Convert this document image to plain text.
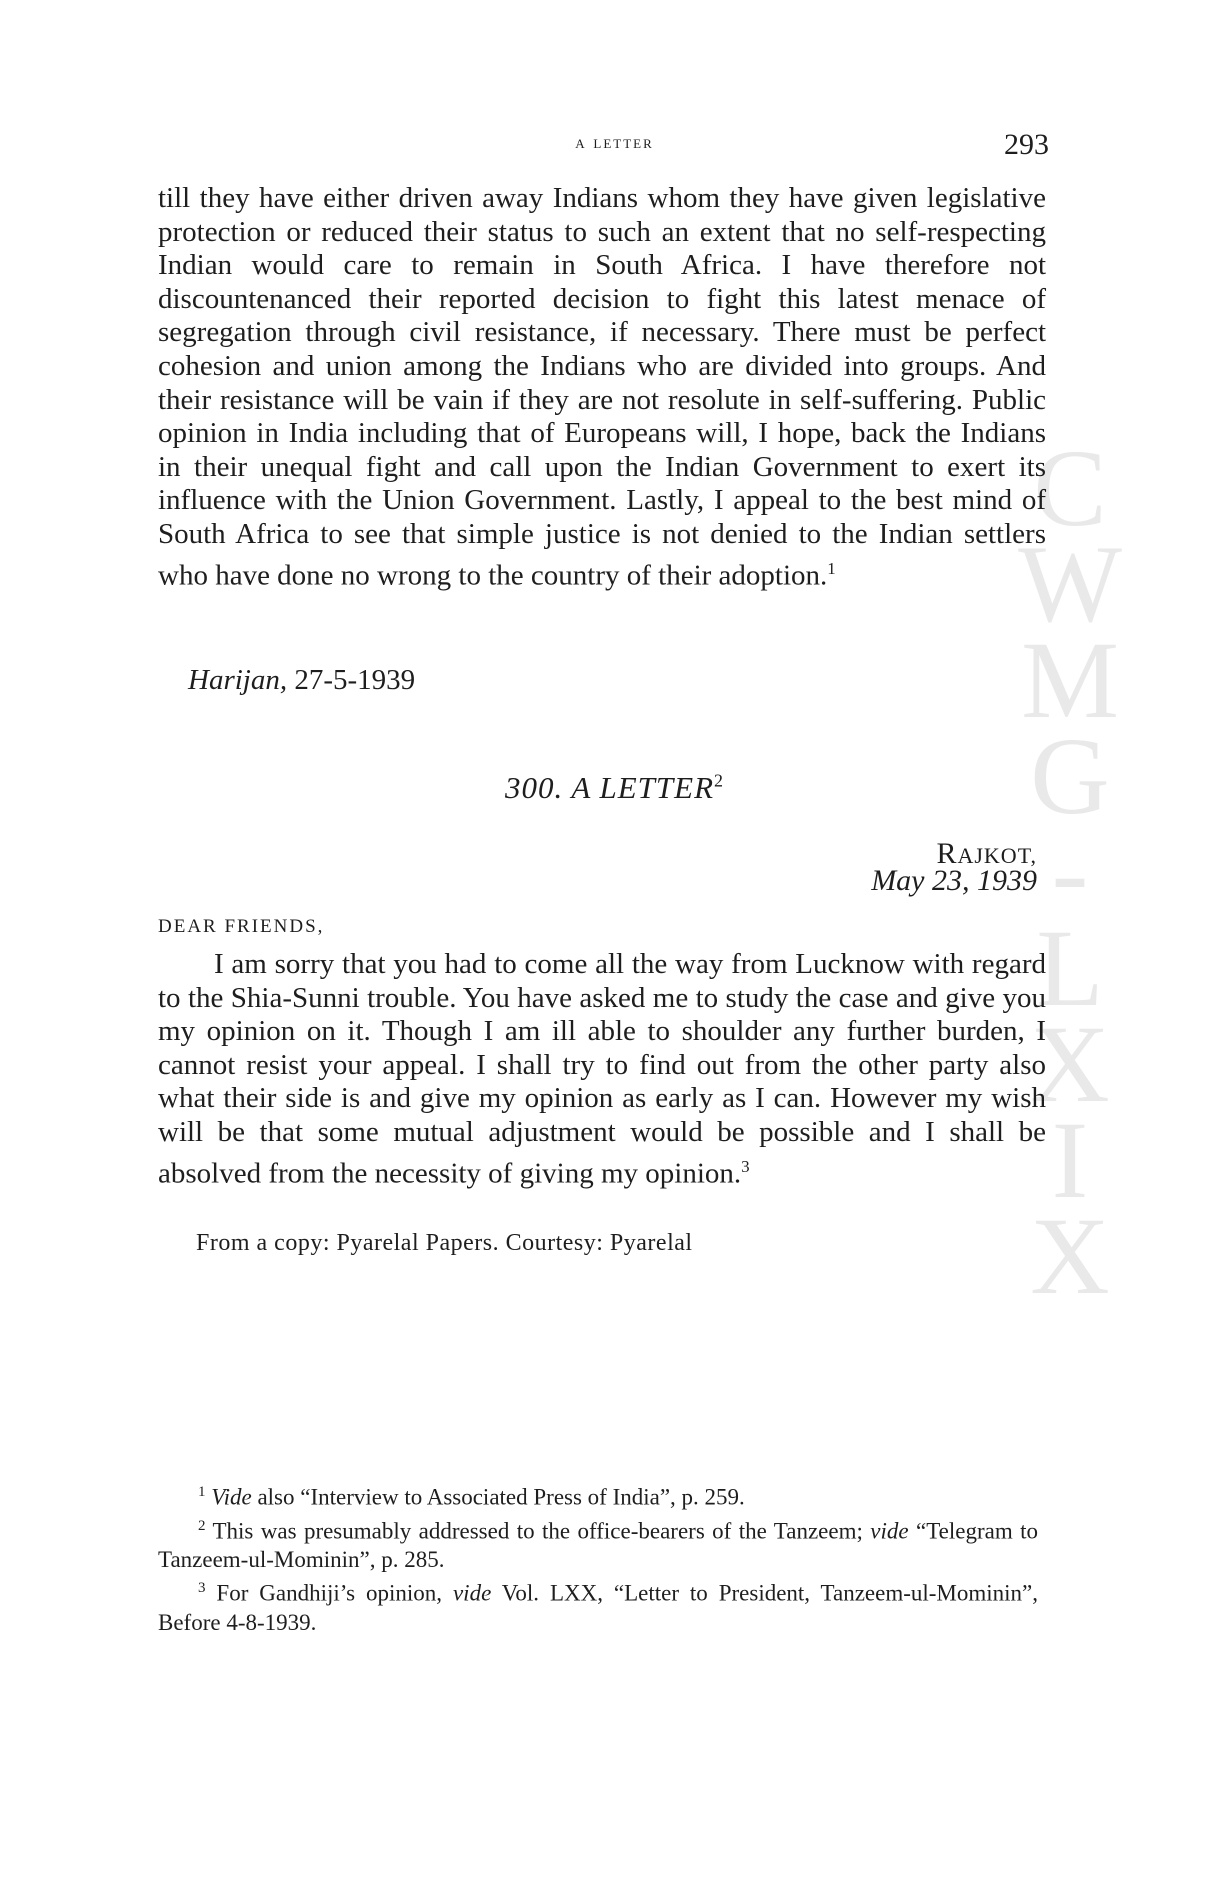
C
W
M
G
-
L
X
I
X
a letter	293

till they have either driven away Indians whom they have given legislative protection or reduced their status to such an extent that no self-respecting Indian would care to remain in South Africa. I have therefore not discountenanced their reported decision to fight this latest menace of segregation through civil resistance, if necessary. There must be perfect cohesion and union among the Indians who are divided into groups. And their resistance will be vain if they are not resolute in self-suffering. Public opinion in India including that of Europeans will, I hope, back the Indians in their unequal fight and call upon the Indian Government to exert its influence with the Union Government. Lastly, I appeal to the best mind of South Africa to see that simple justice is not denied to the Indian settlers who have done no wrong to the country of their adoption.$^1$

Harijan, 27-5-1939
300. A LETTER$^2$
RAJKOT,
May 23, 1939
DEAR FRIENDS,

I am sorry that you had to come all the way from Lucknow with regard to the Shia-Sunni trouble. You have asked me to study the case and give you my opinion on it. Though I am ill able to shoulder any further burden, I cannot resist your appeal. I shall try to find out from the other party also what their side is and give my opinion as early as I can. However my wish will be that some mutual adjustment would be possible and I shall be absolved from the necessity of giving my opinion.$^3$

From a copy: Pyarelal Papers. Courtesy: Pyarelal

$^1$ Vide also “Interview to Associated Press of India”, p. 259.

$^2$ This was presumably addressed to the office-bearers of the Tanzeem; vide “Telegram to Tanzeem-ul-Mominin”, p. 285.

$^3$ For Gandhiji’s opinion, vide Vol. LXX, “Letter to President, Tanzeem-ul-Mominin”, Before 4-8-1939.
